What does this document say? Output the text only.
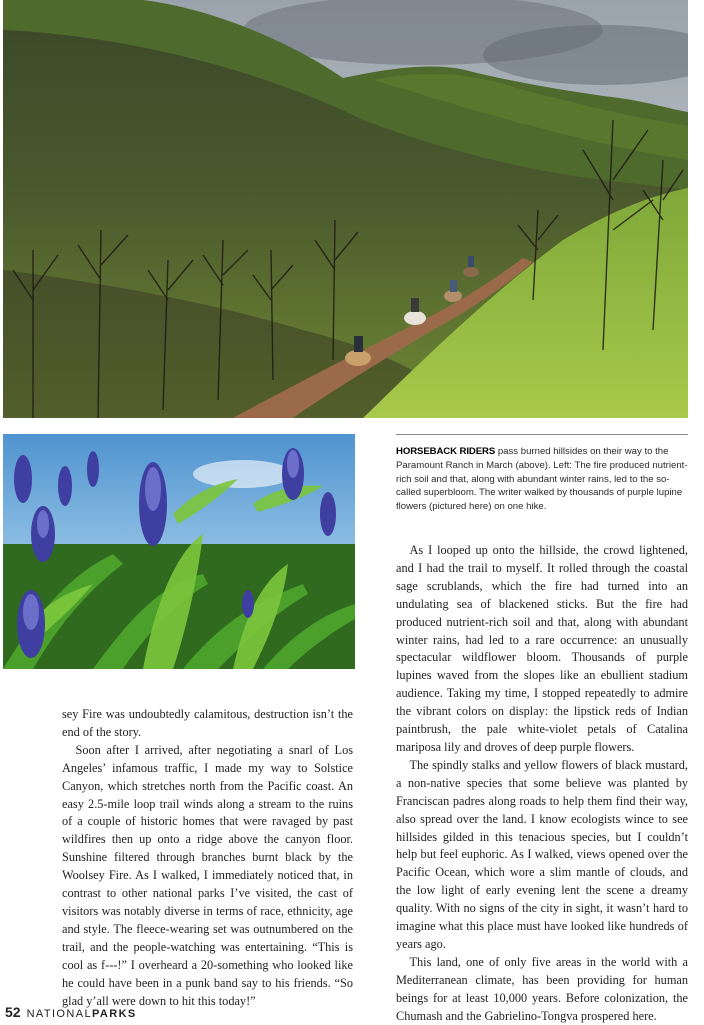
HORSEBACK RIDERS pass burned hillsides on their way to the Paramount Ranch in March (above). Left: The fire produced nutrient-rich soil and that, along with abundant winter rains, led to the so-called superbloom. The writer walked by thousands of purple lupine flowers (pictured here) on one hike.

sey Fire was undoubtedly calamitous, destruction isn’t the end of the story.

Soon after I arrived, after negotiating a snarl of Los Angeles’ infamous traffic, I made my way to Solstice Canyon, which stretches north from the Pacific coast. An easy 2.5-mile loop trail winds along a stream to the ruins of a couple of historic homes that were ravaged by past wildfires then up onto a ridge above the canyon floor. Sunshine filtered through branches burnt black by the Woolsey Fire. As I walked, I immediately noticed that, in contrast to other national parks I’ve visited, the cast of visitors was notably diverse in terms of race, ethnicity, age and style. The fleece-wearing set was outnumbered on the trail, and the people-watching was entertaining. “This is cool as f---!” I overheard a 20-something who looked like he could have been in a punk band say to his friends. “So glad y’all were down to hit this today!”

As I looped up onto the hillside, the crowd lightened, and I had the trail to myself. It rolled through the coastal sage scrublands, which the fire had turned into an undulating sea of blackened sticks. But the fire had produced nutrient-rich soil and that, along with abundant winter rains, had led to a rare occurrence: an unusually spectacular wildflower bloom. Thousands of purple lupines waved from the slopes like an ebullient stadium audience. Taking my time, I stopped repeatedly to admire the vibrant colors on display: the lipstick reds of Indian paintbrush, the pale white-violet petals of Catalina mariposa lily and droves of deep purple flowers.

The spindly stalks and yellow flowers of black mustard, a non-native species that some believe was planted by Franciscan padres along roads to help them find their way, also spread over the land. I know ecologists wince to see hillsides gilded in this tenacious species, but I couldn’t help but feel euphoric. As I walked, views opened over the Pacific Ocean, which wore a slim mantle of clouds, and the low light of early evening lent the scene a dreamy quality. With no signs of the city in sight, it wasn’t hard to imagine what this place must have looked like hundreds of years ago.

This land, one of only five areas in the world with a Mediterranean climate, has been providing for human beings for at least 10,000 years. Before colonization, the Chumash and the Gabrielino-Tongva prospered here.

52 NATIONALPARKS
